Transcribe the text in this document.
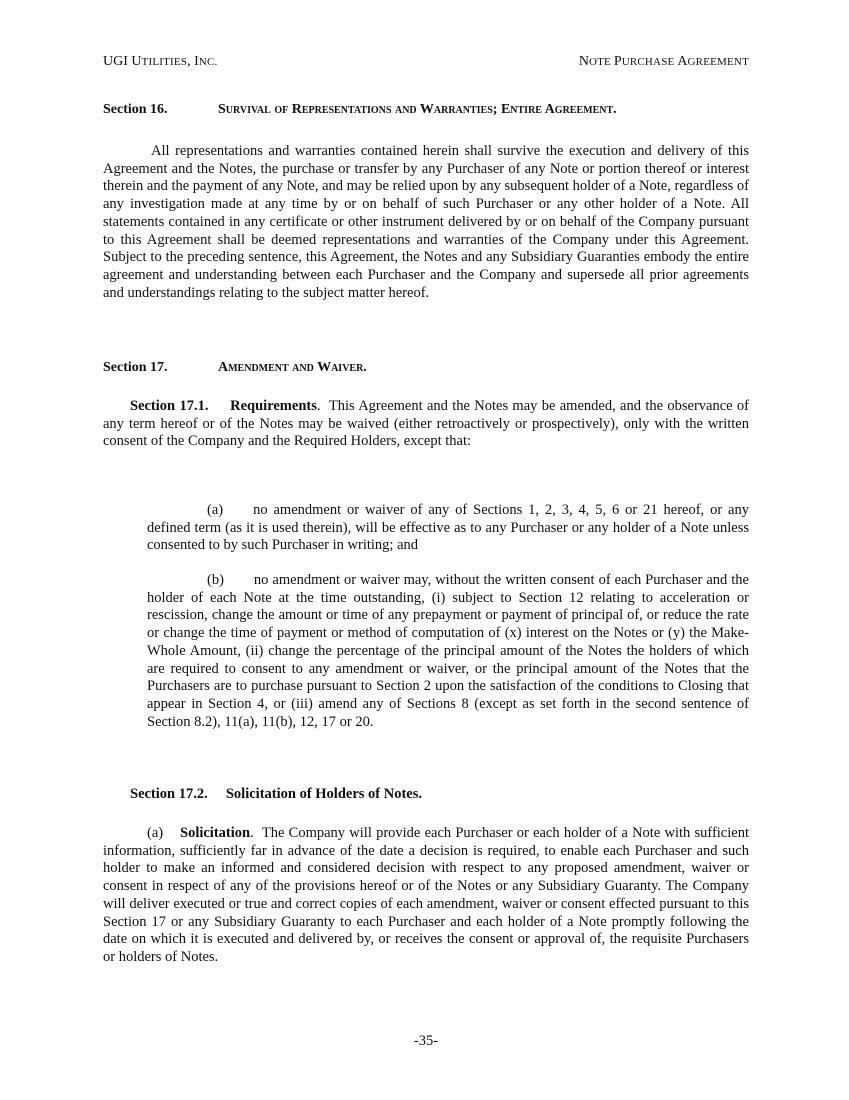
UGI UTILITIES, INC.	NOTE PURCHASE AGREEMENT
Section 16.	Survival of Representations and Warranties; Entire Agreement.
All representations and warranties contained herein shall survive the execution and delivery of this Agreement and the Notes, the purchase or transfer by any Purchaser of any Note or portion thereof or interest therein and the payment of any Note, and may be relied upon by any subsequent holder of a Note, regardless of any investigation made at any time by or on behalf of such Purchaser or any other holder of a Note. All statements contained in any certificate or other instrument delivered by or on behalf of the Company pursuant to this Agreement shall be deemed representations and warranties of the Company under this Agreement. Subject to the preceding sentence, this Agreement, the Notes and any Subsidiary Guaranties embody the entire agreement and understanding between each Purchaser and the Company and supersede all prior agreements and understandings relating to the subject matter hereof.
Section 17.	Amendment and Waiver.
Section 17.1. Requirements.  This Agreement and the Notes may be amended, and the observance of any term hereof or of the Notes may be waived (either retroactively or prospectively), only with the written consent of the Company and the Required Holders, except that:
(a) no amendment or waiver of any of Sections 1, 2, 3, 4, 5, 6 or 21 hereof, or any defined term (as it is used therein), will be effective as to any Purchaser or any holder of a Note unless consented to by such Purchaser in writing; and
(b) no amendment or waiver may, without the written consent of each Purchaser and the holder of each Note at the time outstanding, (i) subject to Section 12 relating to acceleration or rescission, change the amount or time of any prepayment or payment of principal of, or reduce the rate or change the time of payment or method of computation of (x) interest on the Notes or (y) the Make-Whole Amount, (ii) change the percentage of the principal amount of the Notes the holders of which are required to consent to any amendment or waiver, or the principal amount of the Notes that the Purchasers are to purchase pursuant to Section 2 upon the satisfaction of the conditions to Closing that appear in Section 4, or (iii) amend any of Sections 8 (except as set forth in the second sentence of Section 8.2), 11(a), 11(b), 12, 17 or 20.
Section 17.2. Solicitation of Holders of Notes.
(a) Solicitation.  The Company will provide each Purchaser or each holder of a Note with sufficient information, sufficiently far in advance of the date a decision is required, to enable each Purchaser and such holder to make an informed and considered decision with respect to any proposed amendment, waiver or consent in respect of any of the provisions hereof or of the Notes or any Subsidiary Guaranty. The Company will deliver executed or true and correct copies of each amendment, waiver or consent effected pursuant to this Section 17 or any Subsidiary Guaranty to each Purchaser and each holder of a Note promptly following the date on which it is executed and delivered by, or receives the consent or approval of, the requisite Purchasers or holders of Notes.
-35-
